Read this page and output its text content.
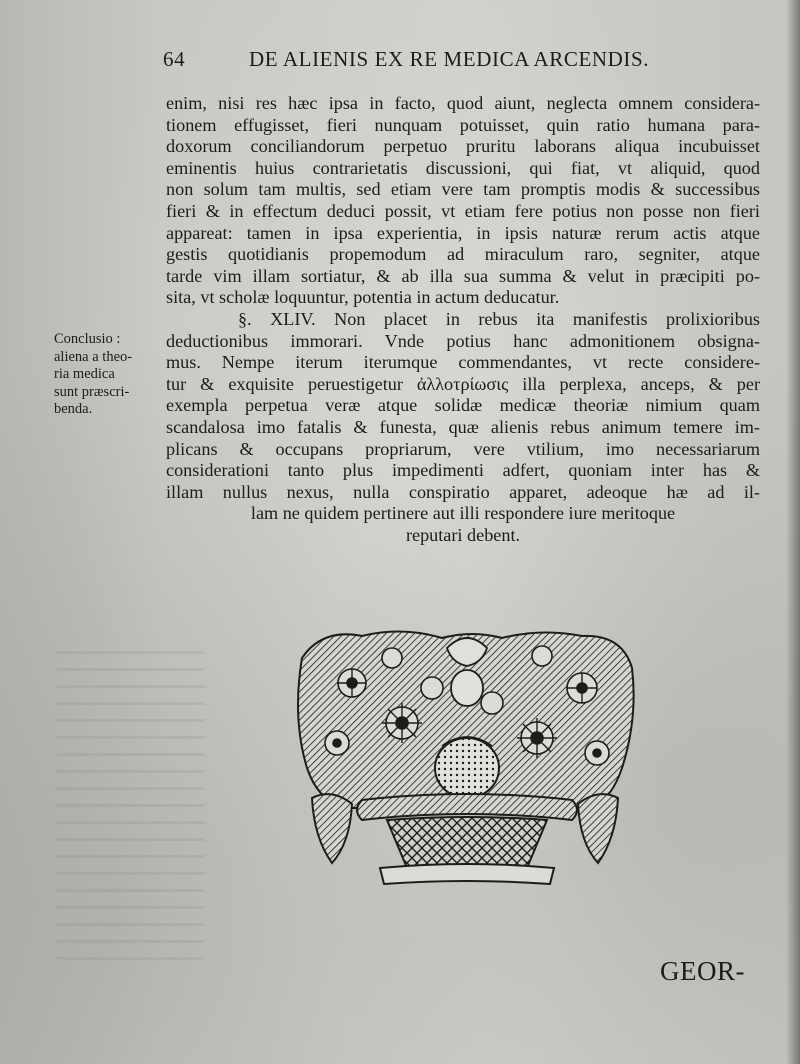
64	DE ALIENIS EX RE MEDICA ARCENDIS.
Conclusio :
aliena a theo-
ria medica
sunt præscri-
benda.
enim, nisi res hæc ipsa in facto, quod aiunt, neglecta omnem considera-
tionem effugisset, fieri nunquam potuisset, quin ratio humana para-
doxorum conciliandorum perpetuo pruritu laborans aliqua incubuisset
eminentis huius contrarietatis discussioni, qui fiat, vt aliquid, quod
non solum tam multis, sed etiam vere tam promptis modis & successibus
fieri & in effectum deduci possit, vt etiam fere potius non posse non fieri
appareat: tamen in ipsa experientia, in ipsis naturæ rerum actis atque
gestis quotidianis propemodum ad miraculum raro, segniter, atque
tarde vim illam sortiatur, & ab illa sua summa & velut in præcipiti po-
sita, vt scholæ loquuntur, potentia in actum deducatur.
§. XLIV. Non placet in rebus ita manifestis prolixioribus
deductionibus immorari. Vnde potius hanc admonitionem obsigna-
mus. Nempe iterum iterumque commendantes, vt recte considere-
tur & exquisite peruestigetur ἀλλοτρίωσις illa perplexa, anceps, & per
exempla perpetua veræ atque solidæ medicæ theoriæ nimium quam
scandalosa imo fatalis & funesta, quæ alienis rebus animum temere im-
plicans & occupans propriarum, vere vtilium, imo necessariarum
considerationi tanto plus impedimenti adfert, quoniam inter has &
illam nullus nexus, nulla conspiratio apparet, adeoque hæ ad il-
lam ne quidem pertinere aut illi respondere iure meritoque
reputari debent.
GEOR-
